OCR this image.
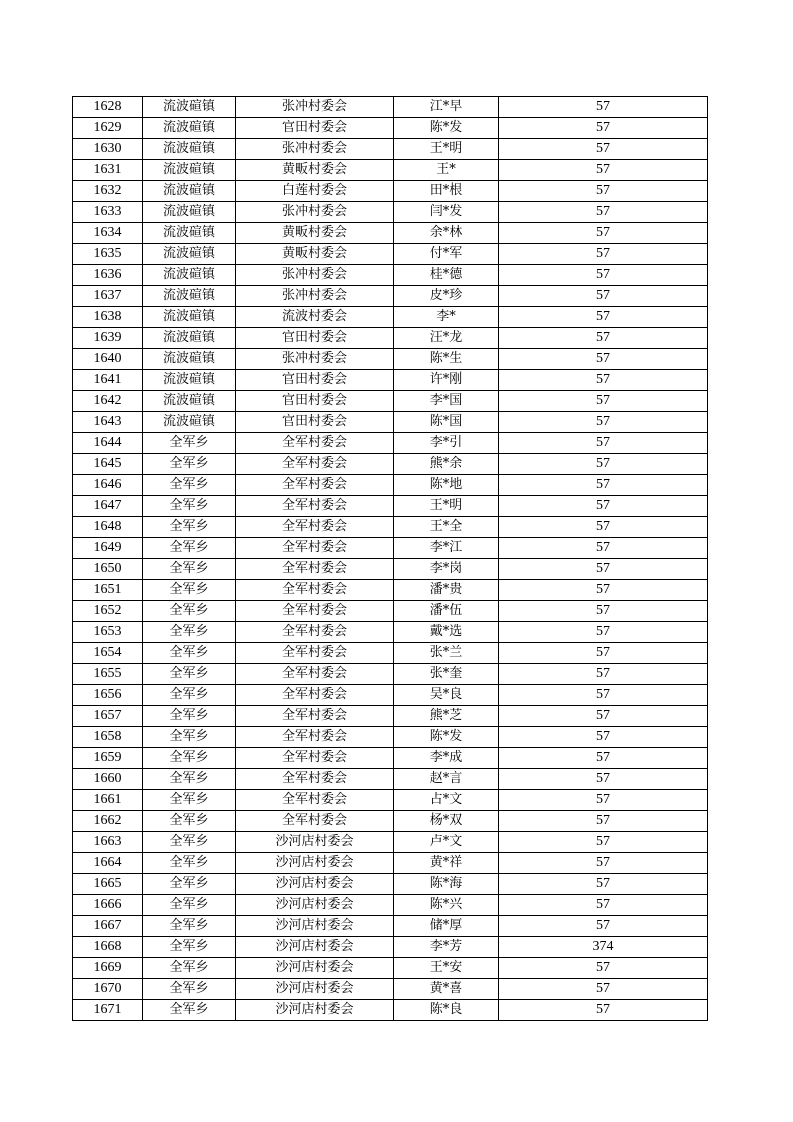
1628	流波碹镇	张冲村委会	江*早	57
1629	流波碹镇	官田村委会	陈*发	57
1630	流波碹镇	张冲村委会	王*明	57
1631	流波碹镇	黄畈村委会	王*	57
1632	流波碹镇	白莲村委会	田*根	57
1633	流波碹镇	张冲村委会	闫*发	57
1634	流波碹镇	黄畈村委会	余*林	57
1635	流波碹镇	黄畈村委会	付*军	57
1636	流波碹镇	张冲村委会	桂*德	57
1637	流波碹镇	张冲村委会	皮*珍	57
1638	流波碹镇	流波村委会	李*	57
1639	流波碹镇	官田村委会	汪*龙	57
1640	流波碹镇	张冲村委会	陈*生	57
1641	流波碹镇	官田村委会	许*刚	57
1642	流波碹镇	官田村委会	李*国	57
1643	流波碹镇	官田村委会	陈*国	57
1644	全军乡	全军村委会	李*引	57
1645	全军乡	全军村委会	熊*余	57
1646	全军乡	全军村委会	陈*地	57
1647	全军乡	全军村委会	王*明	57
1648	全军乡	全军村委会	王*全	57
1649	全军乡	全军村委会	李*江	57
1650	全军乡	全军村委会	李*岗	57
1651	全军乡	全军村委会	潘*贵	57
1652	全军乡	全军村委会	潘*伍	57
1653	全军乡	全军村委会	戴*选	57
1654	全军乡	全军村委会	张*兰	57
1655	全军乡	全军村委会	张*奎	57
1656	全军乡	全军村委会	吴*良	57
1657	全军乡	全军村委会	熊*芝	57
1658	全军乡	全军村委会	陈*发	57
1659	全军乡	全军村委会	李*成	57
1660	全军乡	全军村委会	赵*言	57
1661	全军乡	全军村委会	占*文	57
1662	全军乡	全军村委会	杨*双	57
1663	全军乡	沙河店村委会	卢*文	57
1664	全军乡	沙河店村委会	黄*祥	57
1665	全军乡	沙河店村委会	陈*海	57
1666	全军乡	沙河店村委会	陈*兴	57
1667	全军乡	沙河店村委会	储*厚	57
1668	全军乡	沙河店村委会	李*芳	374
1669	全军乡	沙河店村委会	王*安	57
1670	全军乡	沙河店村委会	黄*喜	57
1671	全军乡	沙河店村委会	陈*良	57
